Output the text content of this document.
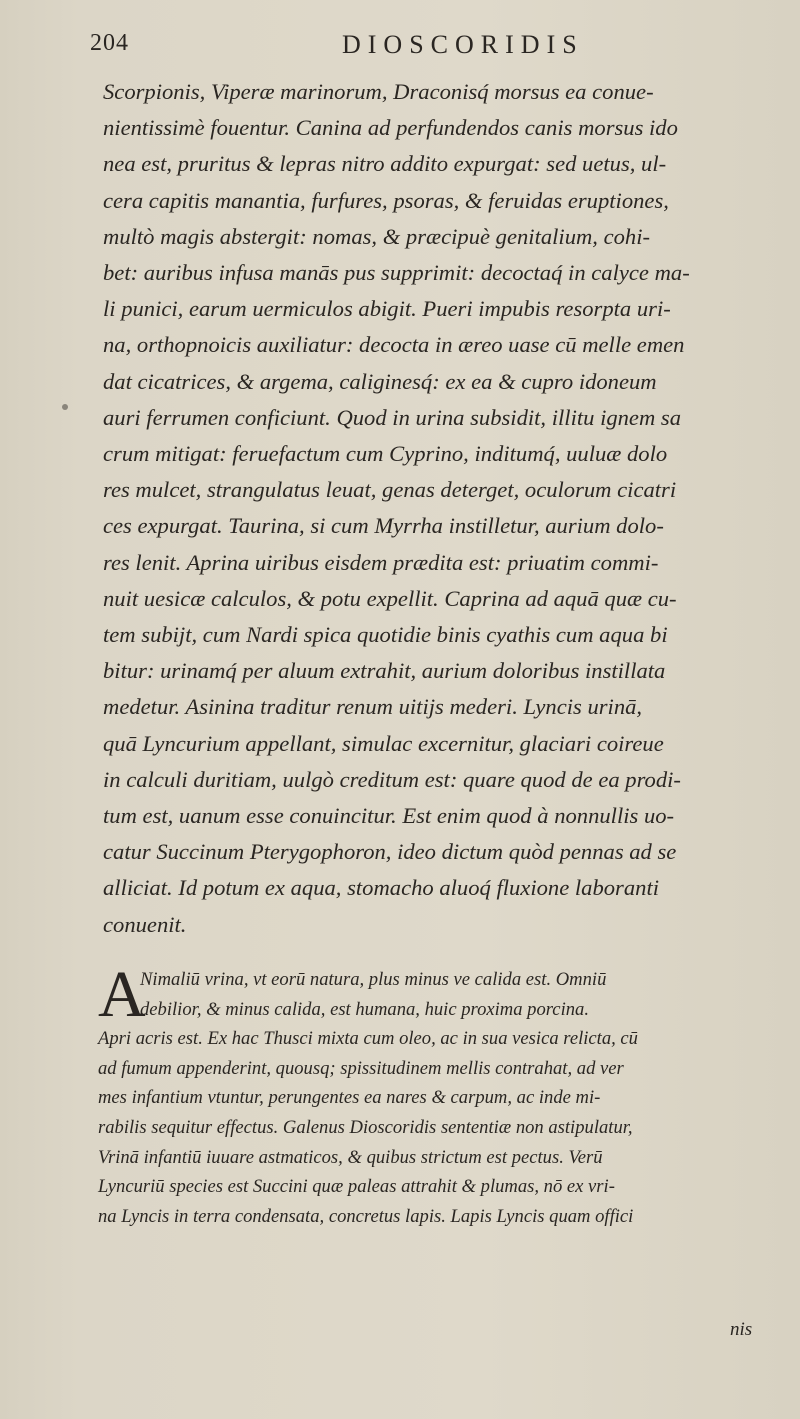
204	DIOSCORIDIS
Scorpionis, Viperæ marinorum, Draconisq́ morsus ea conue-
nientissimè fouentur. Canina ad perfundendos canis morsus ido
nea est, pruritus & lepras nitro addito expurgat: sed uetus, ul-
cera capitis manantia, furfures, psoras, & feruidas eruptiones,
multò magis abstergit: nomas, & præcipuè genitalium, cohi-
bet: auribus infusa manās pus supprimit: decoctaq́ in calyce ma-
li punici, earum uermiculos abigit. Pueri impubis resorpta uri-
na, orthopnoicis auxiliatur: decocta in æreo uase cū melle emen
dat cicatrices, & argema, caliginesq́: ex ea & cupro idoneum
auri ferrumen conficiunt. Quod in urina subsidit, illitu ignem sa
crum mitigat: feruefactum cum Cyprino, inditumq́, uuluæ dolo
res mulcet, strangulatus leuat, genas deterget, oculorum cicatri
ces expurgat. Taurina, si cum Myrrha instilletur, aurium dolo-
res lenit. Aprina uiribus eisdem prædita est: priuatim commi-
nuit uesicæ calculos, & potu expellit. Caprina ad aquā quæ cu-
tem subijt, cum Nardi spica quotidie binis cyathis cum aqua bi
bitur: urinamq́ per aluum extrahit, aurium doloribus instillata
medetur. Asinina traditur renum uitijs mederi. Lyncis urinā,
quā Lyncurium appellant, simulac excernitur, glaciari coireue
in calculi duritiam, uulgò creditum est: quare quod de ea prodi-
tum est, uanum esse conuincitur. Est enim quod à nonnullis uo-
catur Succinum Pterygophoron, ideo dictum quòd pennas ad se
alliciat. Id potum ex aqua, stomacho aluoq́ fluxione laboranti
conuenit.
A
Nimaliū vrina, vt eorū natura, plus minus ve calida est. Omniū
debilior, & minus calida, est humana, huic proxima porcina.
Apri acris est. Ex hac Thusci mixta cum oleo, ac in sua vesica relicta, cū
ad fumum appenderint, quousq; spissitudinem mellis contrahat, ad ver
mes infantium vtuntur, perungentes ea nares & carpum, ac inde mi-
rabilis sequitur effectus. Galenus Dioscoridis sententiæ non astipulatur,
Vrinā infantiū iuuare astmaticos, & quibus strictum est pectus. Verū
Lyncuriū species est Succini quæ paleas attrahit & plumas, nō ex vri-
na Lyncis in terra condensata, concretus lapis. Lapis Lyncis quam offici
nis
